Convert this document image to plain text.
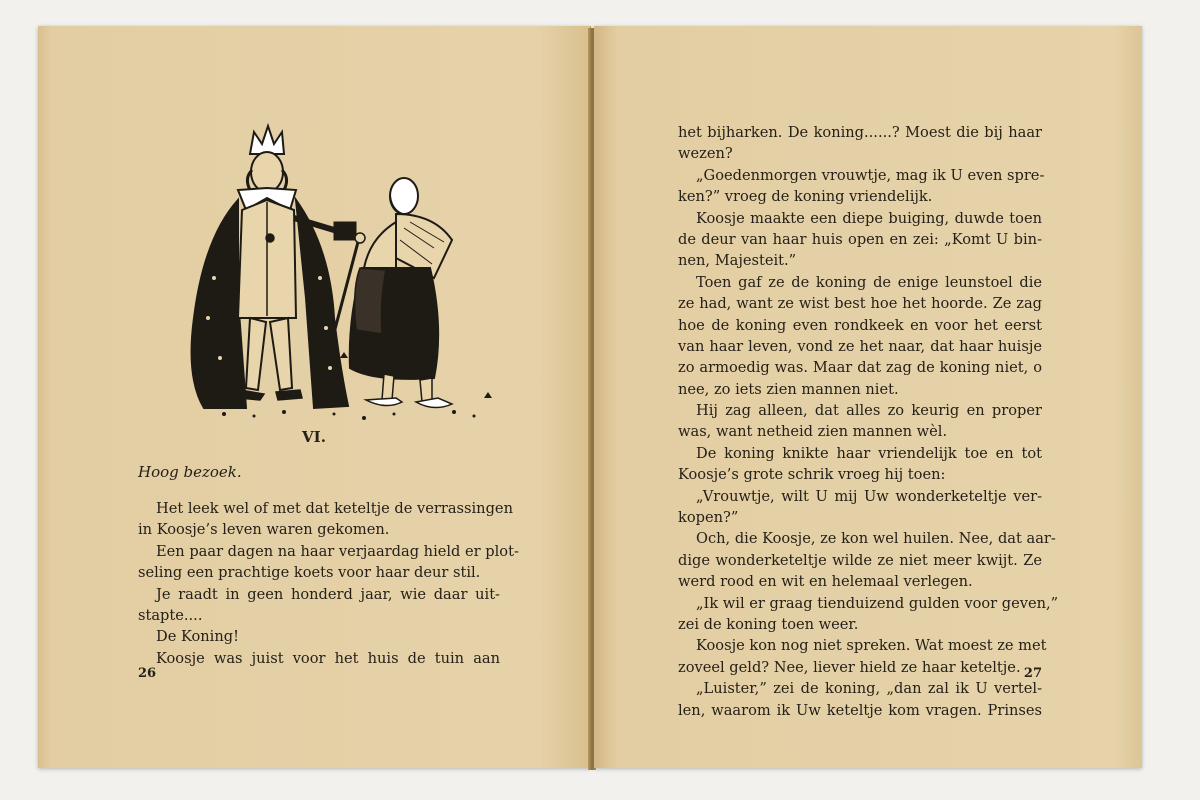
VI.
Hoog bezoek.
Het leek wel of met dat keteltje de verrassingen
in Koosje’s leven waren gekomen.
Een paar dagen na haar verjaardag hield er plot-
seling een prachtige koets voor haar deur stil.
Je raadt in geen honderd jaar, wie daar uit-
stapte....
De Koning!
Koosje was juist voor het huis de tuin aan
26
het bijharken. De koning......? Moest die bij haar
wezen?
„Goedenmorgen vrouwtje, mag ik U even spre-
ken?” vroeg de koning vriendelijk.
Koosje maakte een diepe buiging, duwde toen
de deur van haar huis open en zei: „Komt U bin-
nen, Majesteit.”
Toen gaf ze de koning de enige leunstoel die
ze had, want ze wist best hoe het hoorde. Ze zag
hoe de koning even rondkeek en voor het eerst
van haar leven, vond ze het naar, dat haar huisje
zo armoedig was. Maar dat zag de koning niet, o
nee, zo iets zien mannen niet.
Hij zag alleen, dat alles zo keurig en proper
was, want netheid zien mannen wèl.
De koning knikte haar vriendelijk toe en tot
Koosje’s grote schrik vroeg hij toen:
„Vrouwtje, wilt U mij Uw wonderketeltje ver-
kopen?”
Och, die Koosje, ze kon wel huilen. Nee, dat aar-
dige wonderketeltje wilde ze niet meer kwijt. Ze
werd rood en wit en helemaal verlegen.
„Ik wil er graag tienduizend gulden voor geven,”
zei de koning toen weer.
Koosje kon nog niet spreken. Wat moest ze met
zoveel geld? Nee, liever hield ze haar keteltje.
„Luister,” zei de koning, „dan zal ik U vertel-
len, waarom ik Uw keteltje kom vragen. Prinses
27
